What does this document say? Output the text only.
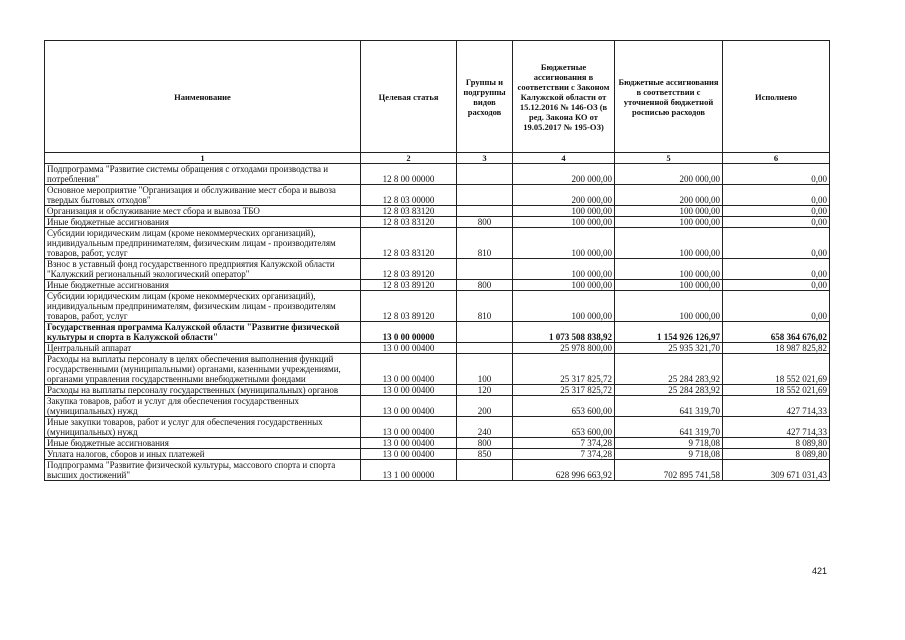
Наименование	Целевая статья	Группы и подгруппы видов расходов	Бюджетные ассигнования в соответствии с Законом Калужской области от 15.12.2016 № 146-ОЗ (в ред. Закона КО от 19.05.2017 № 195-ОЗ)	Бюджетные ассигнования в соответствии с уточненной бюджетной росписью расходов	Исполнено
1	2	3	4	5	6
Подпрограмма "Развитие системы обращения с отходами производства и потребления"	12 8 00 00000		200 000,00	200 000,00	0,00
Основное мероприятие "Организация и обслуживание мест сбора и вывоза твердых бытовых отходов"	12 8 03 00000		200 000,00	200 000,00	0,00
Организация и обслуживание мест сбора и вывоза ТБО	12 8 03 83120		100 000,00	100 000,00	0,00
Иные бюджетные ассигнования	12 8 03 83120	800	100 000,00	100 000,00	0,00
Субсидии юридическим лицам (кроме некоммерческих организаций), индивидуальным предпринимателям, физическим лицам - производителям товаров, работ, услуг	12 8 03 83120	810	100 000,00	100 000,00	0,00
Взнос в уставный фонд государственного предприятия Калужской области "Калужский региональный экологический оператор"	12 8 03 89120		100 000,00	100 000,00	0,00
Иные бюджетные ассигнования	12 8 03 89120	800	100 000,00	100 000,00	0,00
Субсидии юридическим лицам (кроме некоммерческих организаций), индивидуальным предпринимателям, физическим лицам - производителям товаров, работ, услуг	12 8 03 89120	810	100 000,00	100 000,00	0,00
Государственная программа Калужской области "Развитие физической культуры и спорта в Калужской области"	13 0 00 00000		1 073 508 838,92	1 154 926 126,97	658 364 676,02
Центральный аппарат	13 0 00 00400		25 978 800,00	25 935 321,70	18 987 825,82
Расходы на выплаты персоналу в целях обеспечения выполнения функций государственными (муниципальными) органами, казенными учреждениями, органами управления государственными внебюджетными фондами	13 0 00 00400	100	25 317 825,72	25 284 283,92	18 552 021,69
Расходы на выплаты персоналу государственных (муниципальных) органов	13 0 00 00400	120	25 317 825,72	25 284 283,92	18 552 021,69
Закупка товаров, работ и услуг для обеспечения государственных (муниципальных) нужд	13 0 00 00400	200	653 600,00	641 319,70	427 714,33
Иные закупки товаров, работ и услуг для обеспечения государственных (муниципальных) нужд	13 0 00 00400	240	653 600,00	641 319,70	427 714,33
Иные бюджетные ассигнования	13 0 00 00400	800	7 374,28	9 718,08	8 089,80
Уплата налогов, сборов и иных платежей	13 0 00 00400	850	7 374,28	9 718,08	8 089,80
Подпрограмма "Развитие физической культуры, массового спорта и спорта высших достижений"	13 1 00 00000		628 996 663,92	702 895 741,58	309 671 031,43
421
